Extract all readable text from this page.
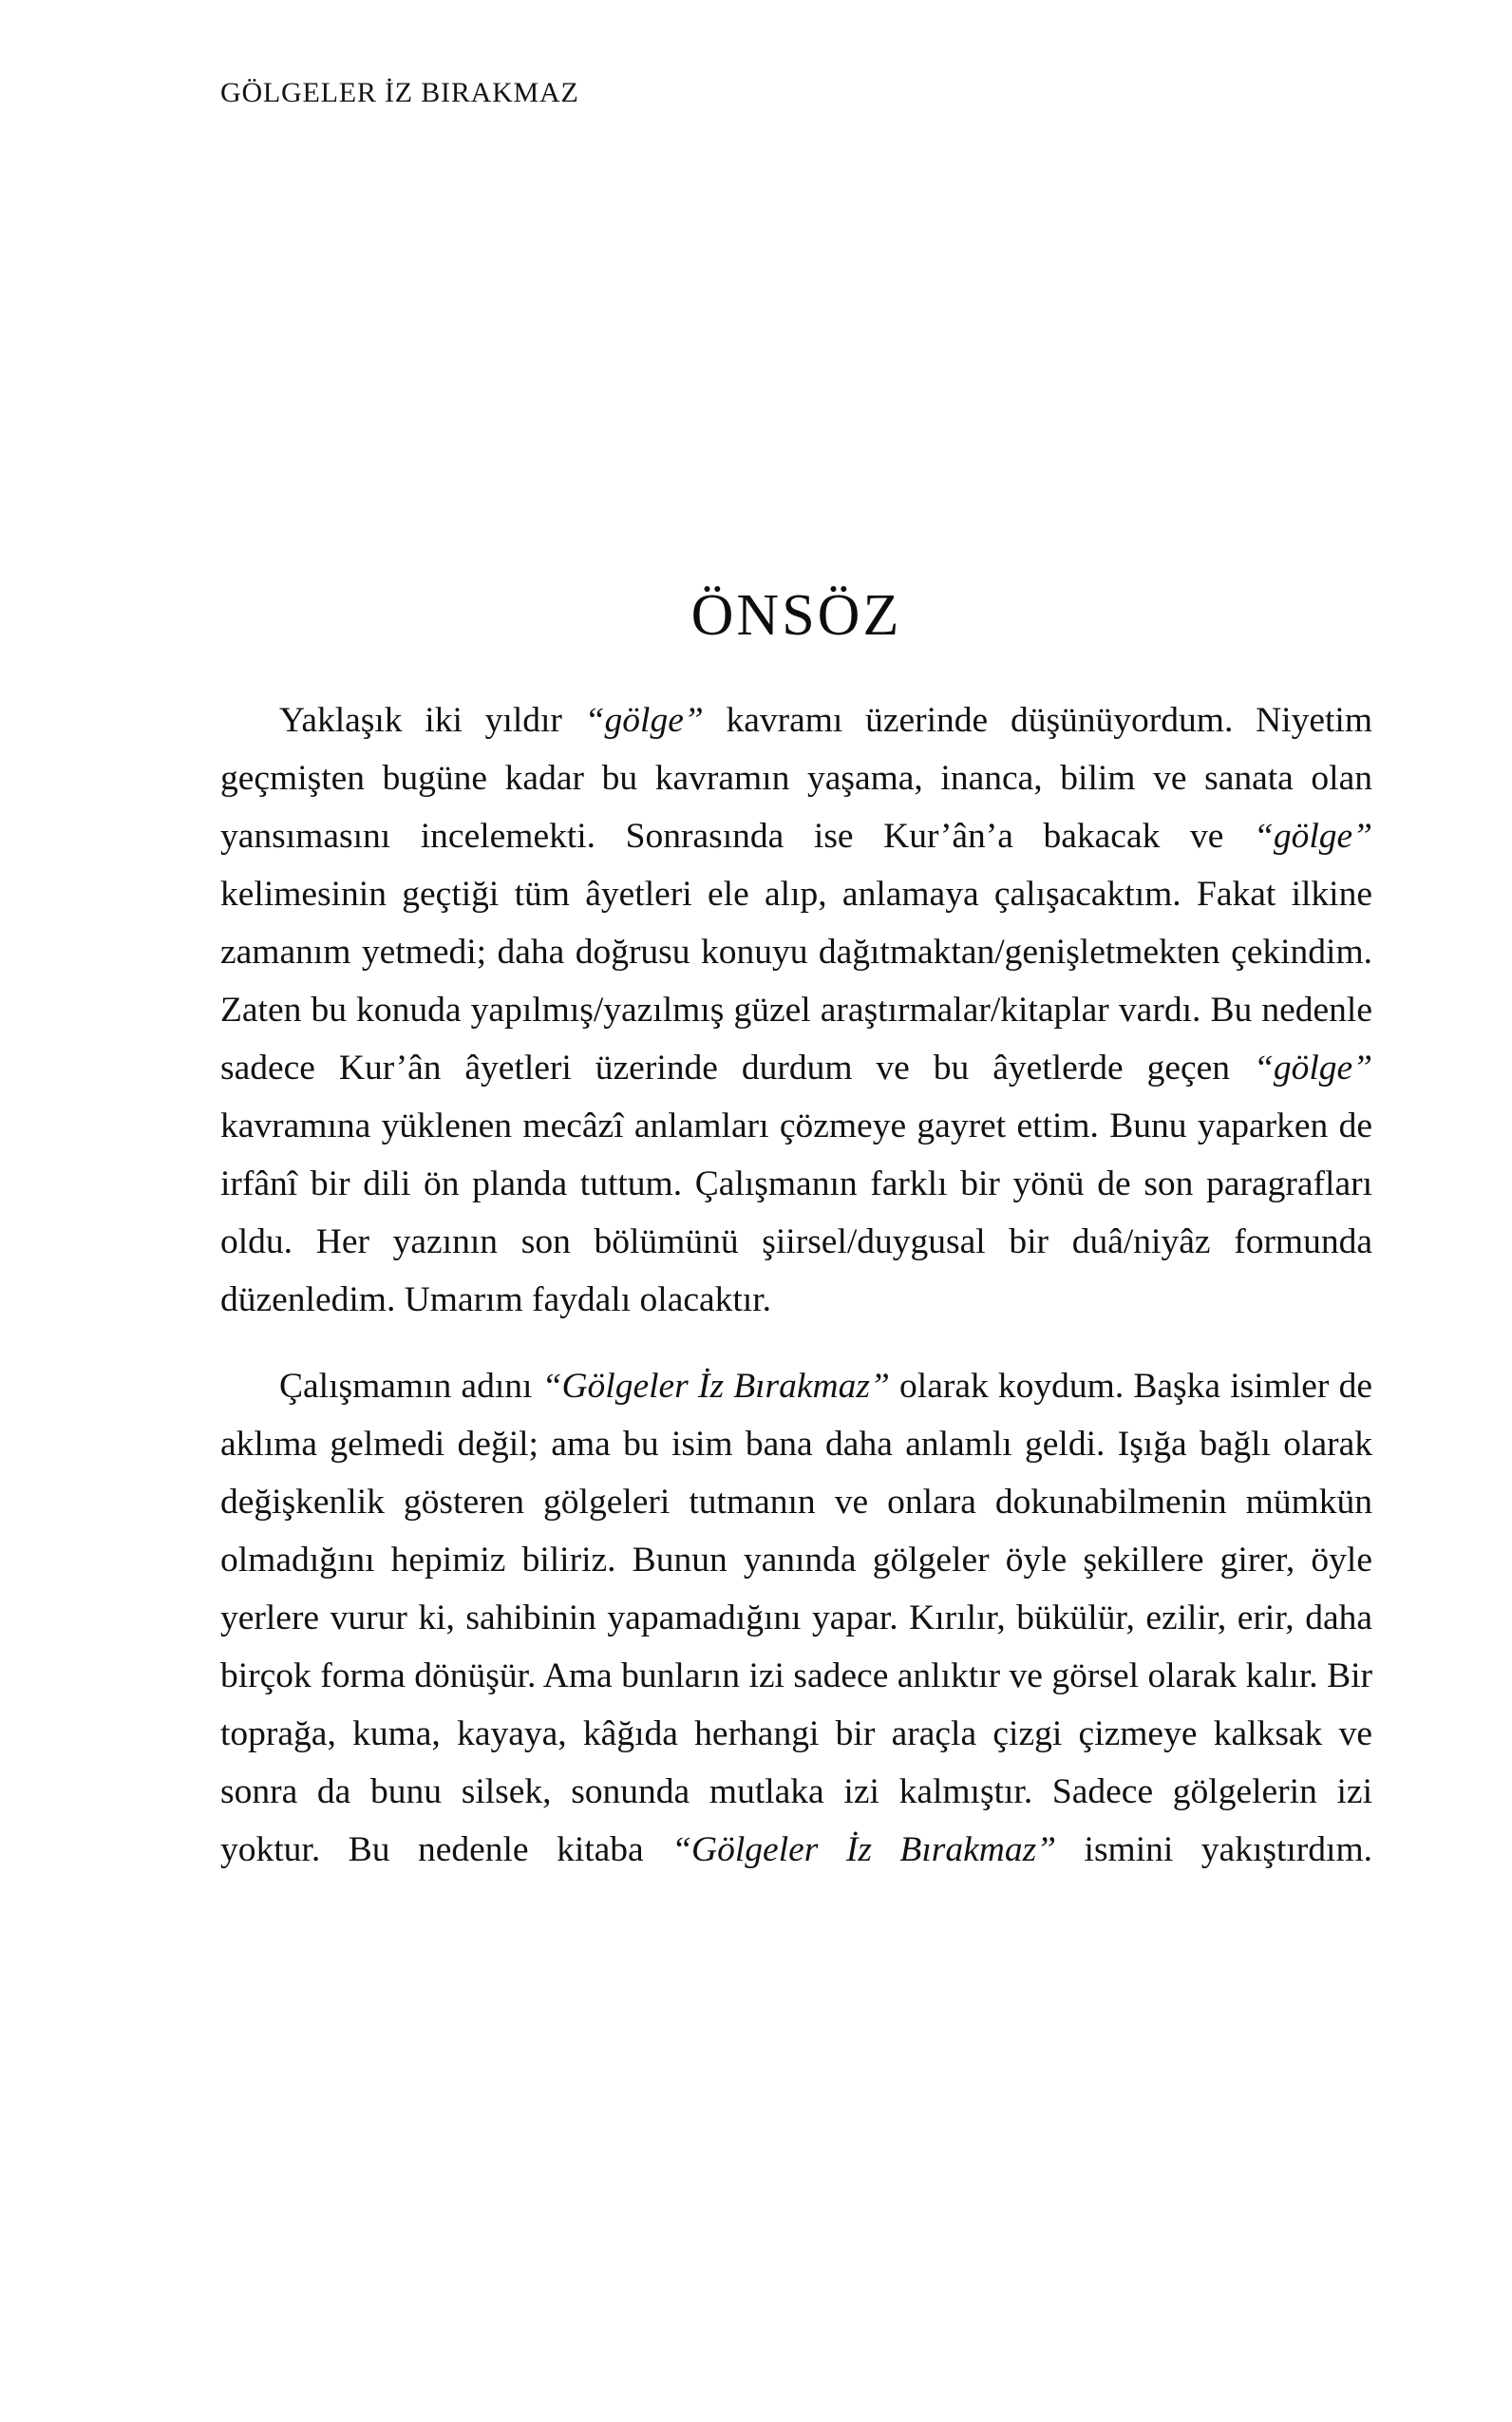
GÖLGELER İZ BIRAKMAZ
ÖNSÖZ

Yaklaşık iki yıldır “gölge” kavramı üzerinde düşünüyordum. Niyetim geçmişten bugüne kadar bu kavramın yaşama, inanca, bilim ve sanata olan yansımasını incelemekti. Sonrasında ise Kur’ân’a bakacak ve “gölge” kelimesinin geçtiği tüm âyetleri ele alıp, anlamaya çalışacaktım. Fakat ilkine zamanım yetmedi; daha doğrusu konuyu dağıtmaktan/genişletmekten çekindim. Zaten bu konuda yapılmış/yazılmış güzel araştırmalar/kitaplar vardı. Bu nedenle sadece Kur’ân âyetleri üzerinde durdum ve bu âyetlerde geçen “gölge” kavramına yüklenen mecâzî anlamları çözmeye gayret ettim. Bunu yaparken de irfânî bir dili ön planda tuttum. Çalışmanın farklı bir yönü de son paragrafları oldu. Her yazının son bölümünü şiirsel/duygusal bir duâ/niyâz formunda düzenledim. Umarım faydalı olacaktır.

Çalışmamın adını “Gölgeler İz Bırakmaz” olarak koydum. Başka isimler de aklıma gelmedi değil; ama bu isim bana daha anlamlı geldi. Işığa bağlı olarak değişkenlik gösteren gölgeleri tutmanın ve onlara dokunabilmenin mümkün olmadığını hepimiz biliriz. Bunun yanında gölgeler öyle şekillere girer, öyle yerlere vurur ki, sahibinin yapamadığını yapar. Kırılır, bükülür, ezilir, erir, daha birçok forma dönüşür. Ama bunların izi sadece anlıktır ve görsel olarak kalır. Bir toprağa, kuma, kayaya, kâğıda herhangi bir araçla çizgi çizmeye kalksak ve sonra da bunu silsek, sonunda mutlaka izi kalmıştır. Sadece gölgelerin izi yoktur. Bu nedenle kitaba “Gölgeler İz Bırakmaz” ismini yakıştırdım.
